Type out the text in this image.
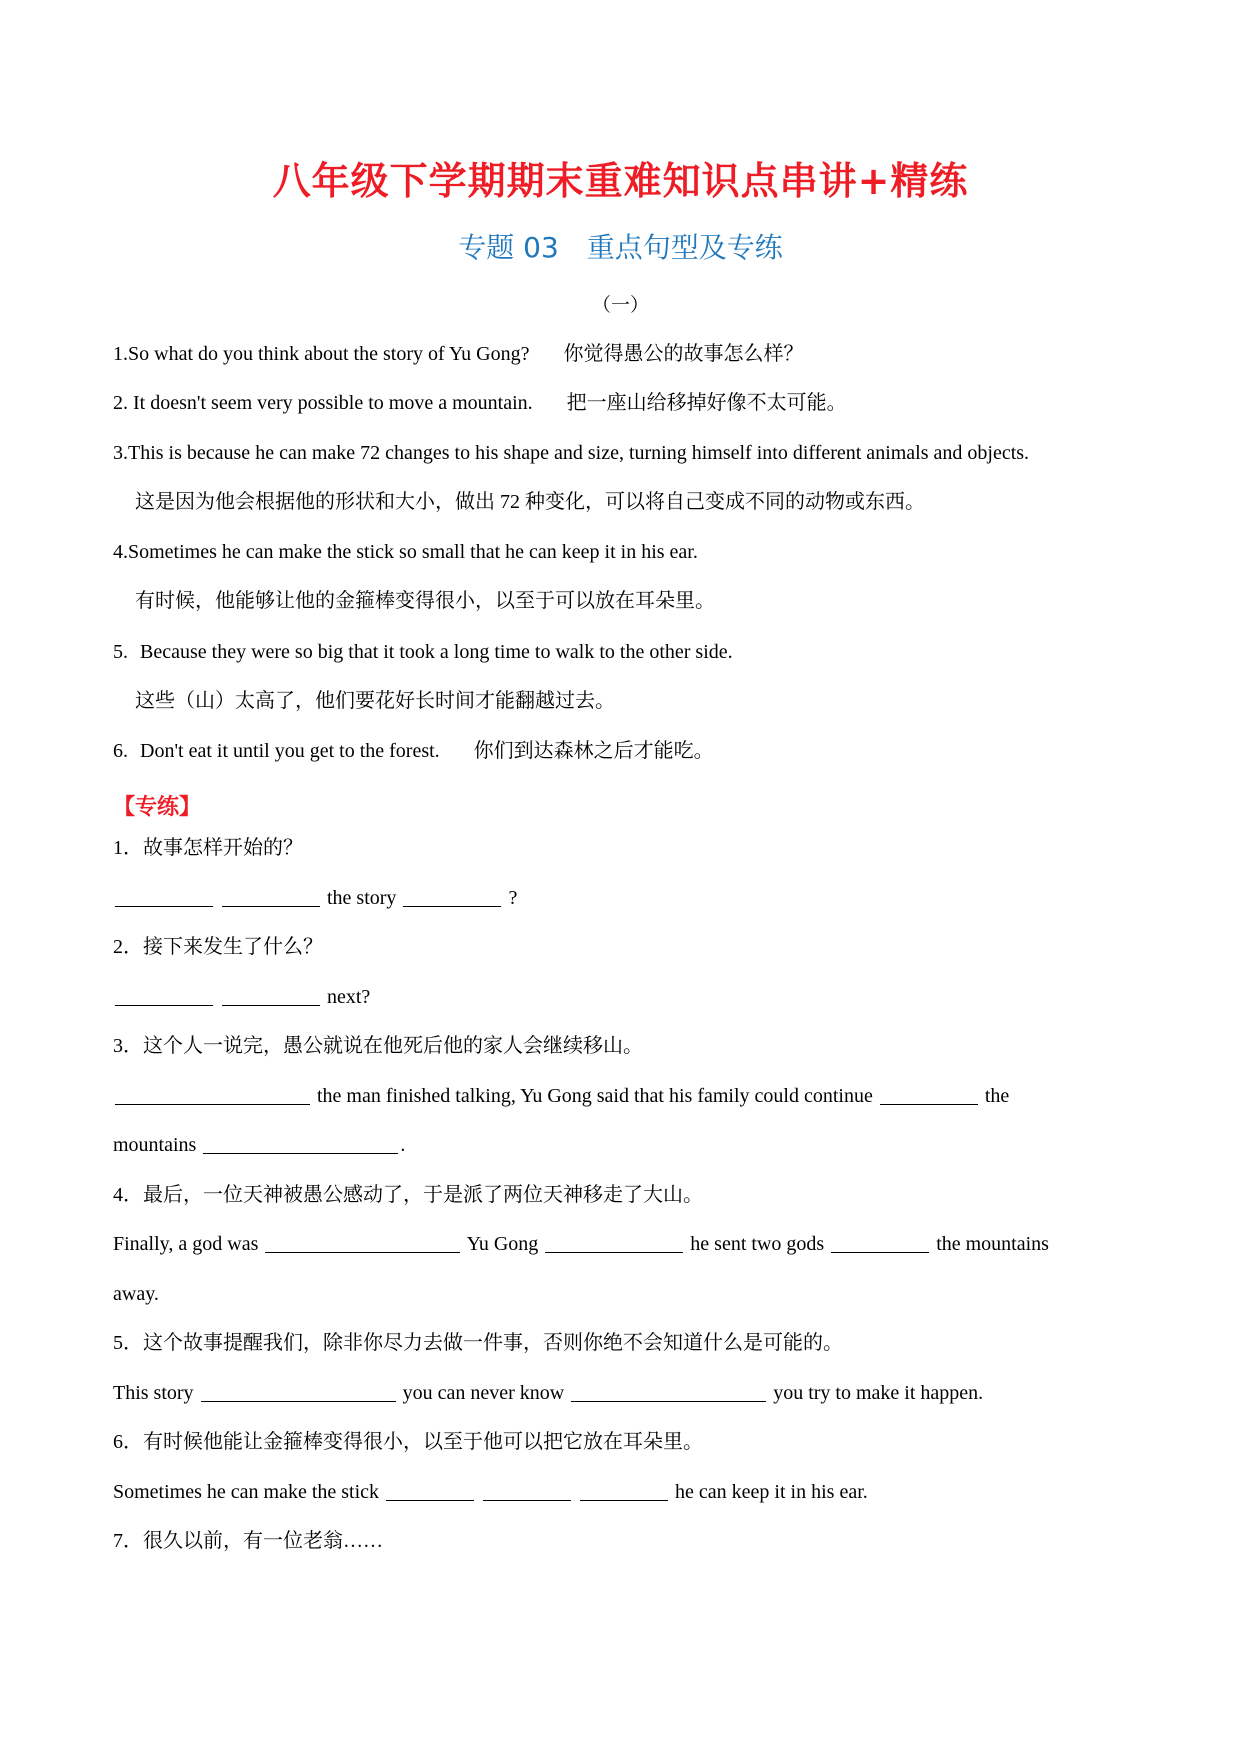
八年级下学期期末重难知识点串讲+精练
专题 03　重点句型及专练
（一）
1.So what do you think about the story of Yu Gong? 你觉得愚公的故事怎么样？
2. It doesn't seem very possible to move a mountain. 把一座山给移掉好像不太可能。
3.This is because he can make 72 changes to his shape and size, turning himself into different animals and objects.
这是因为他会根据他的形状和大小，做出 72 种变化，可以将自己变成不同的动物或东西。
4.Sometimes he can make the stick so small that he can keep it in his ear.
有时候，他能够让他的金箍棒变得很小，以至于可以放在耳朵里。
5. Because they were so big that it took a long time to walk to the other side.
这些（山）太高了，他们要花好长时间才能翻越过去。
6. Don't eat it until you get to the forest. 你们到达森林之后才能吃。
【专练】
1．故事怎样开始的？
the story	?
2．接下来发生了什么？
next?
3．这个人一说完，愚公就说在他死后他的家人会继续移山。
the man finished talking, Yu Gong said that his family could continue	the
mountains	.
4．最后，一位天神被愚公感动了，于是派了两位天神移走了大山。
Finally, a god was	Yu Gong	he sent two gods	the mountains
away.
5．这个故事提醒我们，除非你尽力去做一件事，否则你绝不会知道什么是可能的。
This story	you can never know	you try to make it happen.
6．有时候他能让金箍棒变得很小，以至于他可以把它放在耳朵里。
Sometimes he can make the stick	he can keep it in his ear.
7．很久以前，有一位老翁……
